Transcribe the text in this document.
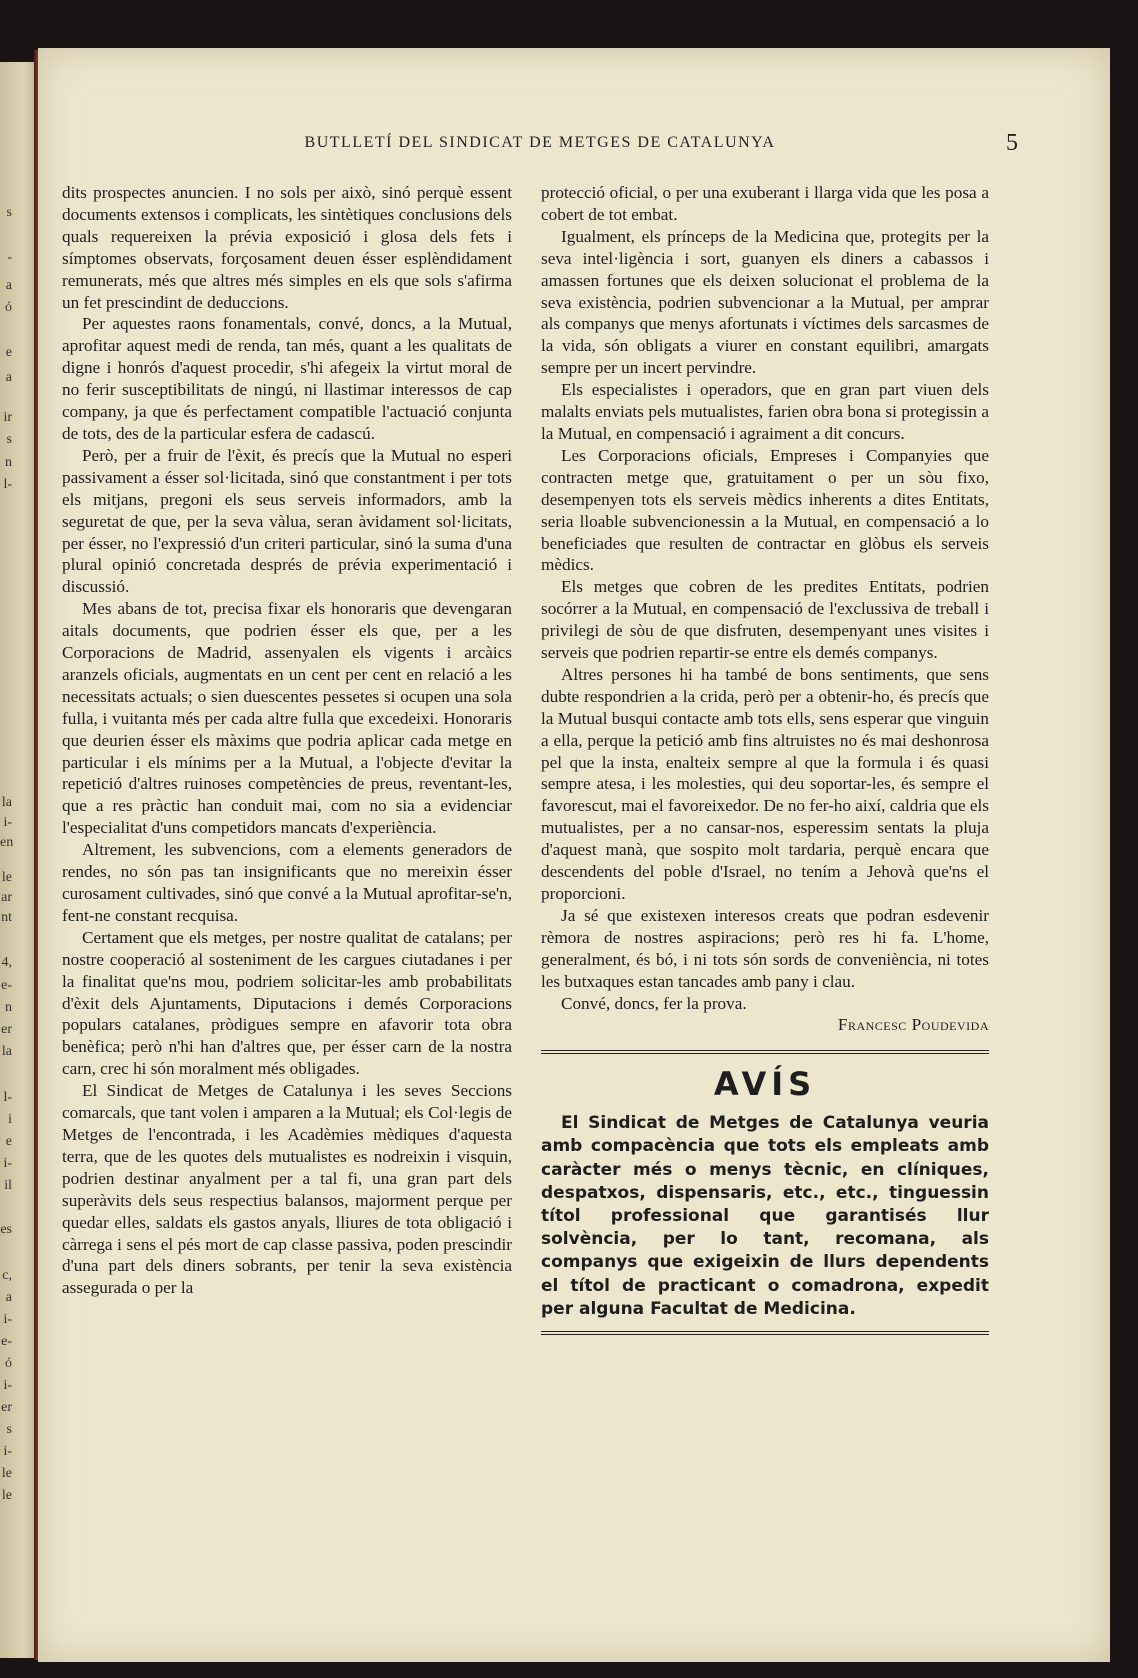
s
-
a
ó
e
a
ir
s
n
l-
la
i-
en
le
ar
nt
4,
e-
n
er
la
l-
i
e
i-
il
es
c,
a
i-
e-
ó
i-
er
s
i-
le
le
BUTLLETÍ DEL SINDICAT DE METGES DE CATALUNYA	5

dits prospectes anuncien. I no sols per això, sinó perquè essent documents extensos i complicats, les sintètiques conclusions dels quals requereixen la prévia exposició i glosa dels fets i símptomes observats, forçosament deuen ésser esplèndidament remunerats, més que altres més simples en els que sols s'afirma un fet prescindint de deduccions.

Per aquestes raons fonamentals, convé, doncs, a la Mutual, aprofitar aquest medi de renda, tan més, quant a les qualitats de digne i honrós d'aquest procedir, s'hi afegeix la virtut moral de no ferir susceptibilitats de ningú, ni llastimar interessos de cap company, ja que és perfectament compatible l'actuació conjunta de tots, des de la particular esfera de cadascú.

Però, per a fruir de l'èxit, és precís que la Mutual no esperi passivament a ésser sol·licitada, sinó que constantment i per tots els mitjans, pregoni els seus serveis informadors, amb la seguretat de que, per la seva vàlua, seran àvidament sol·licitats, per ésser, no l'expressió d'un criteri particular, sinó la suma d'una plural opinió concretada després de prévia experimentació i discussió.

Mes abans de tot, precisa fixar els honoraris que devengaran aitals documents, que podrien ésser els que, per a les Corporacions de Madrid, assenyalen els vigents i arcàics aranzels oficials, augmentats en un cent per cent en relació a les necessitats actuals; o sien duescentes pessetes si ocupen una sola fulla, i vuitanta més per cada altre fulla que excedeixi. Honoraris que deurien ésser els màxims que podria aplicar cada metge en particular i els mínims per a la Mutual, a l'objecte d'evitar la repetició d'altres ruinoses competències de preus, reventant-les, que a res pràctic han conduit mai, com no sia a evidenciar l'especialitat d'uns competidors mancats d'experiència.

Altrement, les subvencions, com a elements generadors de rendes, no són pas tan insignificants que no mereixin ésser curosament cultivades, sinó que convé a la Mutual aprofitar-se'n, fent-ne constant recquisa.

Certament que els metges, per nostre qualitat de catalans; per nostre cooperació al sosteniment de les cargues ciutadanes i per la finalitat que'ns mou, podriem solicitar-les amb probabilitats d'èxit dels Ajuntaments, Diputacions i demés Corporacions populars catalanes, pròdigues sempre en afavorir tota obra benèfica; però n'hi han d'altres que, per ésser carn de la nostra carn, crec hi són moralment més obligades.

El Sindicat de Metges de Catalunya i les seves Seccions comarcals, que tant volen i amparen a la Mutual; els Col·legis de Metges de l'encontrada, i les Acadèmies mèdiques d'aquesta terra, que de les quotes dels mutualistes es nodreixin i visquin, podrien destinar anyalment per a tal fi, una gran part dels superàvits dels seus respectius balansos, majorment perque per quedar elles, saldats els gastos anyals, lliures de tota obligació i càrrega i sens el pés mort de cap classe passiva, poden prescindir d'una part dels diners sobrants, per tenir la seva existència assegurada o per la

protecció oficial, o per una exuberant i llarga vida que les posa a cobert de tot embat.

Igualment, els prínceps de la Medicina que, protegits per la seva intel·ligència i sort, guanyen els diners a cabassos i amassen fortunes que els deixen solucionat el problema de la seva existència, podrien subvencionar a la Mutual, per amprar als companys que menys afortunats i víctimes dels sarcasmes de la vida, són obligats a viurer en constant equilibri, amargats sempre per un incert pervindre.

Els especialistes i operadors, que en gran part viuen dels malalts enviats pels mutualistes, farien obra bona si protegissin a la Mutual, en compensació i agraiment a dit concurs.

Les Corporacions oficials, Empreses i Companyies que contracten metge que, gratuitament o per un sòu fixo, desempenyen tots els serveis mèdics inherents a dites Entitats, seria lloable subvencionessin a la Mutual, en compensació a lo beneficiades que resulten de contractar en glòbus els serveis mèdics.

Els metges que cobren de les predites Entitats, podrien socórrer a la Mutual, en compensació de l'exclussiva de treball i privilegi de sòu de que disfruten, desempenyant unes visites i serveis que podrien repartir-se entre els demés companys.

Altres persones hi ha també de bons sentiments, que sens dubte respondrien a la crida, però per a obtenir-ho, és precís que la Mutual busqui contacte amb tots ells, sens esperar que vinguin a ella, perque la petició amb fins altruistes no és mai deshonrosa pel que la insta, enalteix sempre al que la formula i és quasi sempre atesa, i les molesties, qui deu soportar-les, és sempre el favorescut, mai el favoreixedor. De no fer-ho així, caldria que els mutualistes, per a no cansar-nos, esperessim sentats la pluja d'aquest manà, que sospito molt tardaria, perquè encara que descendents del poble d'Israel, no tením a Jehovà que'ns el proporcioni.

Ja sé que existexen interesos creats que podran esdevenir rèmora de nostres aspiracions; però res hi fa. L'home, generalment, és bó, i ni tots són sords de conveniència, ni totes les butxaques estan tancades amb pany i clau.

Convé, doncs, fer la prova.

Francesc Poudevida

AVÍS

El Sindicat de Metges de Catalunya veuria amb compacència que tots els empleats amb caràcter més o menys tècnic, en clíniques, despatxos, dispensaris, etc., etc., tinguessin títol professional que garantisés llur solvència, per lo tant, recomana, als companys que exigeixin de llurs dependents el títol de practicant o comadrona, expedit per alguna Facultat de Medicina.
